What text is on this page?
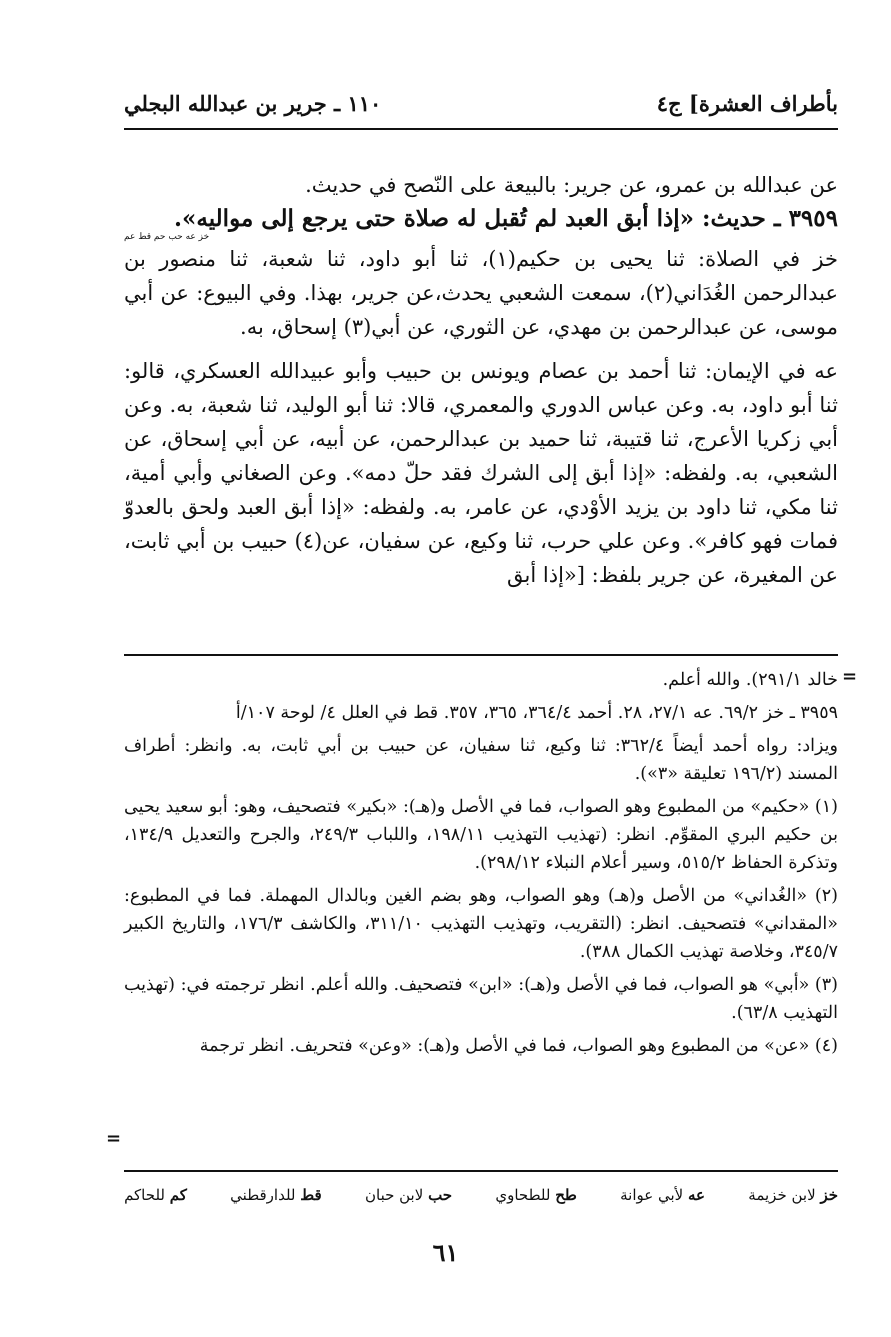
بأطراف العشرة] ج٤
١١٠ ـ جرير بن عبدالله البجلي

عن عبدالله بن عمرو، عن جرير: بالبيعة على النّصح في حديث.

٣٩٥٩ ـ حديث: «إذا أبق العبد لم تُقبل له صلاة حتى يرجع إلى مواليه».

خز عه حب حم قط عم

خز في الصلاة: ثنا يحيى بن حكيم(١)، ثنا أبو داود، ثنا شعبة، ثنا منصور بن عبدالرحمن الغُدَاني(٢)، سمعت الشعبي يحدث،عن جرير، بهذا. وفي البيوع: عن أبي موسى، عن عبدالرحمن بن مهدي، عن الثوري، عن أبي(٣) إسحاق، به.

عه في الإيمان: ثنا أحمد بن عصام ويونس بن حبيب وأبو عبيدالله العسكري، قالو: ثنا أبو داود، به. وعن عباس الدوري والمعمري، قالا: ثنا أبو الوليد، ثنا شعبة، به. وعن أبي زكريا الأعرج، ثنا قتيبة، ثنا حميد بن عبدالرحمن، عن أبيه، عن أبي إسحاق، عن الشعبي، به. ولفظه: «إذا أبق إلى الشرك فقد حلّ دمه». وعن الصغاني وأبي أمية، ثنا مكي، ثنا داود بن يزيد الأوْدي، عن عامر، به. ولفظه: «إذا أبق العبد ولحق بالعدوّ فمات فهو كافر». وعن علي حرب، ثنا وكيع، عن سفيان، عن(٤) حبيب بن أبي ثابت، عن المغيرة، عن جرير بلفظ: [«إذا أبق

=

خالد ٢٩١/١). والله أعلم.

٣٩٥٩ ـ خز ٦٩/٢. عه ٢٧/١، ٢٨. أحمد ٣٦٤/٤، ٣٦٥، ٣٥٧. قط في العلل ٤/ لوحة ١٠٧/أ

ويزاد: رواه أحمد أيضاً ٣٦٢/٤: ثنا وكيع، ثنا سفيان، عن حبيب بن أبي ثابت، به. وانظر: أطراف المسند (١٩٦/٢ تعليقة «٣»).

(١) «حكيم» من المطبوع وهو الصواب، فما في الأصل و(هـ): «بكير» فتصحيف، وهو: أبو سعيد يحيى بن حكيم البري المقوِّم. انظر: (تهذيب التهذيب ١٩٨/١١، واللباب ٢٤٩/٣، والجرح والتعديل ١٣٤/٩، وتذكرة الحفاظ ٥١٥/٢، وسير أعلام النبلاء ٢٩٨/١٢).

(٢) «الغُداني» من الأصل و(هـ) وهو الصواب، وهو بضم الغين وبالدال المهملة. فما في المطبوع: «المقداني» فتصحيف. انظر: (التقريب، وتهذيب التهذيب ٣١١/١٠، والكاشف ١٧٦/٣، والتاريخ الكبير ٣٤٥/٧، وخلاصة تهذيب الكمال ٣٨٨).

(٣) «أبي» هو الصواب، فما في الأصل و(هـ): «ابن» فتصحيف. والله أعلم. انظر ترجمته في: (تهذيب التهذيب ٦٣/٨).

(٤) «عن» من المطبوع وهو الصواب، فما في الأصل و(هـ): «وعن» فتحريف. انظر ترجمة

=
خز لابن خزيمة
عه لأبي عوانة
طح للطحاوي
حب لابن حبان
قط للدارقطني
كم للحاكم
٦١
